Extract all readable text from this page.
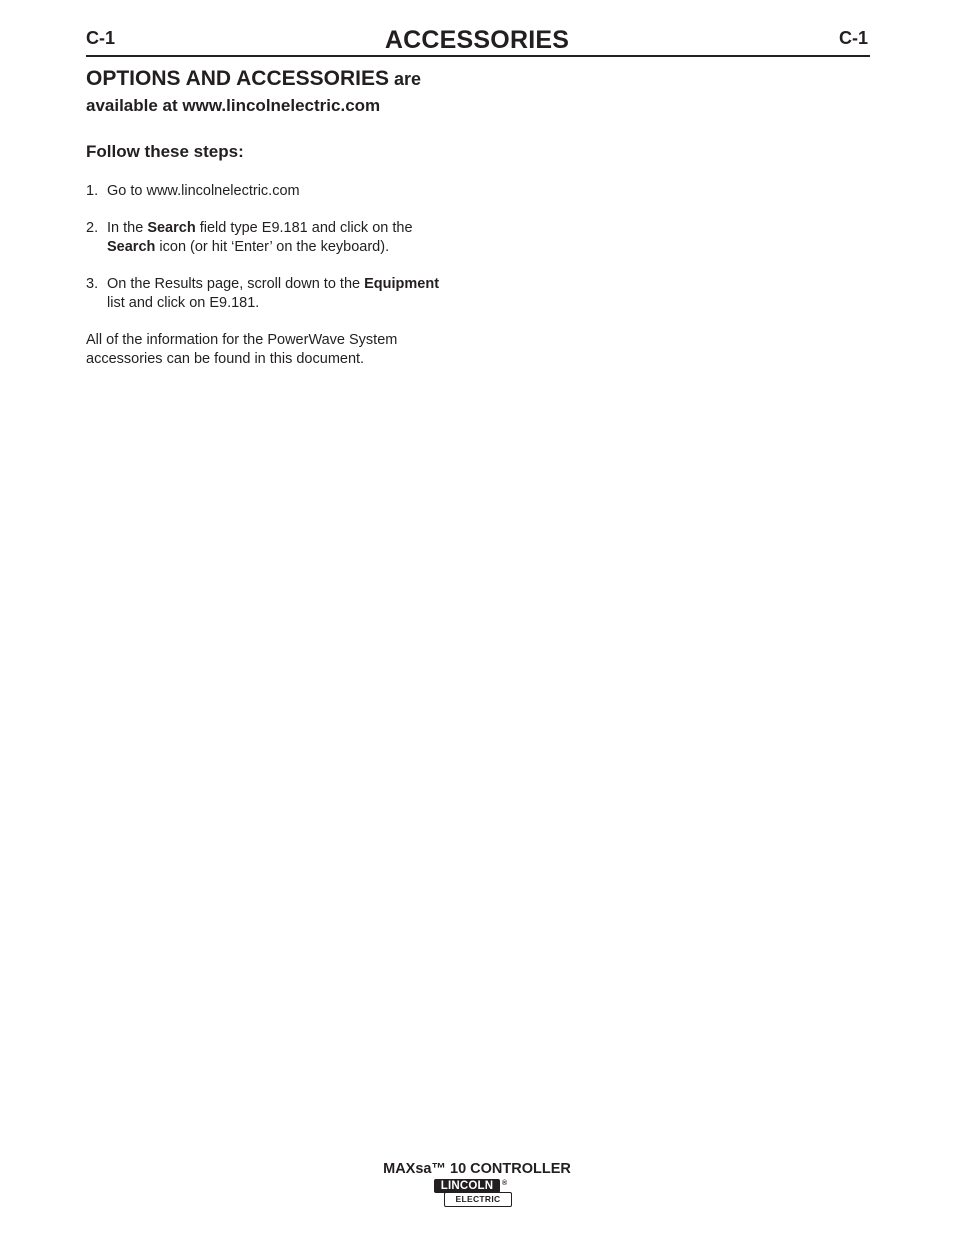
C-1	ACCESSORIES	C-1

OPTIONS AND ACCESSORIES are
available at www.lincolnelectric.com

Follow these steps:

1. Go to www.lincolnelectric.com
2. In the Search field type E9.181 and click on the Search icon (or hit ‘Enter’ on the keyboard).
3. On the Results page, scroll down to the Equipment list and click on E9.181.

All of the information for the PowerWave System accessories can be found in this document.

MAXsa™ 10 CONTROLLER
LINCOLN
ELECTRIC
®
